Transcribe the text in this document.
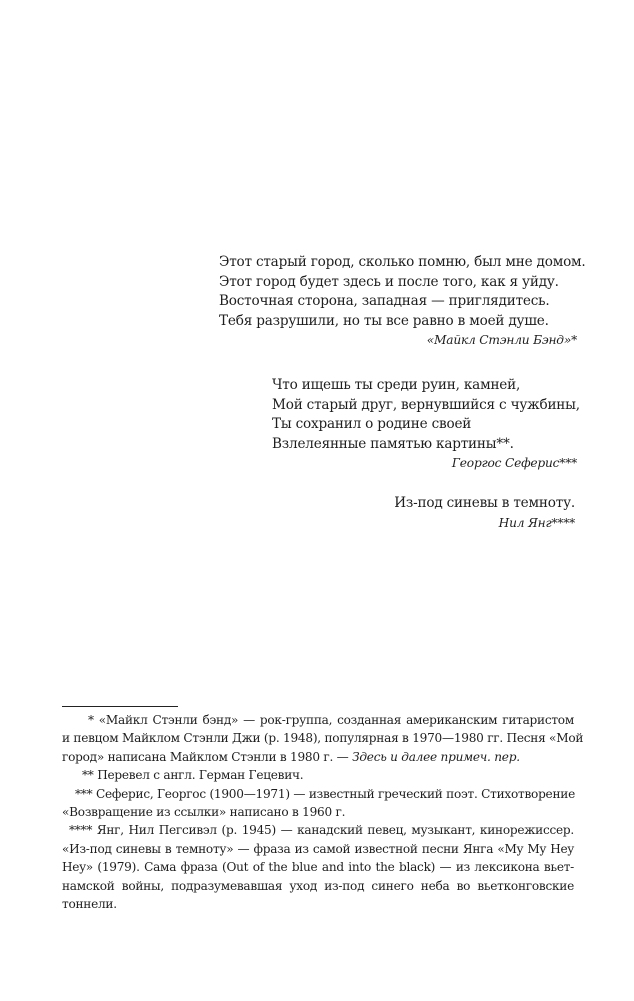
Этот старый город, сколько помню, был мне домом.
Этот город будет здесь и после того, как я уйду.
Восточная сторона, западная — приглядитесь.
Тебя разрушили, но ты все равно в моей душе.
«Майкл Стэнли Бэнд»*
Что ищешь ты среди руин, камней,
Мой старый друг, вернувшийся с чужбины,
Ты сохранил о родине своей
Взлелеянные памятью картины**.
Георгос Сеферис***
Из-под синевы в темноту.
Нил Янг****
* «Майкл Стэнли бэнд» — рок-группа, созданная американским гитаристом
и певцом Майклом Стэнли Джи (р. 1948), популярная в 1970—1980 гг. Песня «Мой
город» написана Майклом Стэнли в 1980 г. — Здесь и далее примеч. пер.
** Перевел с англ. Герман Гецевич.
*** Сеферис, Георгос (1900—1971) — известный греческий поэт. Стихотворение
«Возвращение из ссылки» написано в 1960 г.
**** Янг, Нил Пегсивэл (р. 1945) — канадский певец, музыкант, кинорежиссер.
«Из-под синевы в темноту» — фраза из самой известной песни Янга «My My Hey
Hey» (1979). Сама фраза (Out of the blue and into the black) — из лексикона вьет-
намской войны, подразумевавшая уход из-под синего неба во вьетконговские
тоннели.
